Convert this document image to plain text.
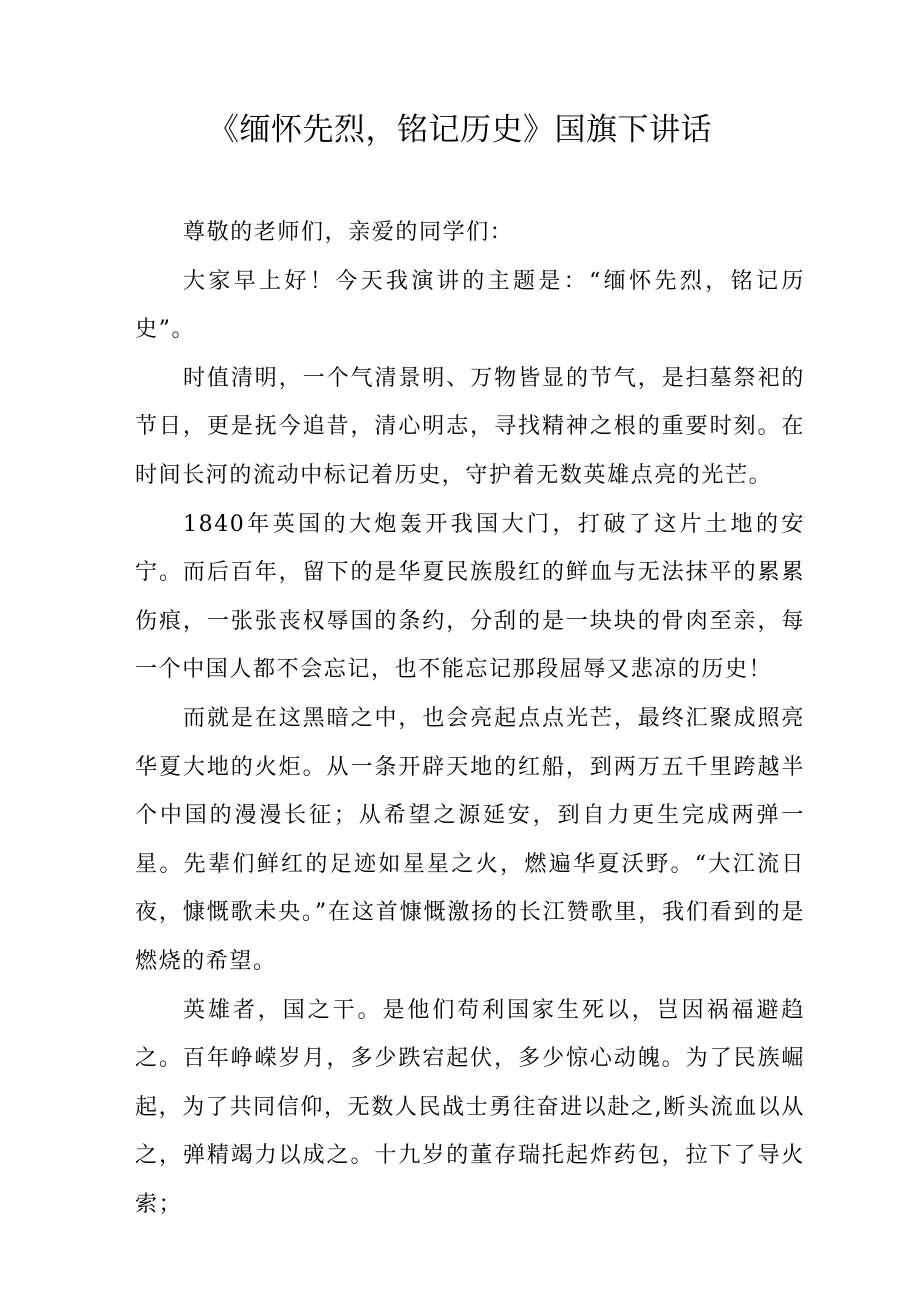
《缅怀先烈，铭记历史》国旗下讲话

尊敬的老师们，亲爱的同学们：

大家早上好！今天我演讲的主题是：“缅怀先烈，铭记历史”。

时值清明，一个气清景明、万物皆显的节气，是扫墓祭祀的节日，更是抚今追昔，清心明志，寻找精神之根的重要时刻。在时间长河的流动中标记着历史，守护着无数英雄点亮的光芒。

1840年英国的大炮轰开我国大门，打破了这片土地的安宁。而后百年，留下的是华夏民族殷红的鲜血与无法抹平的累累伤痕，一张张丧权辱国的条约，分刮的是一块块的骨肉至亲，每一个中国人都不会忘记，也不能忘记那段屈辱又悲凉的历史！

而就是在这黑暗之中，也会亮起点点光芒，最终汇聚成照亮华夏大地的火炬。从一条开辟天地的红船，到两万五千里跨越半个中国的漫漫长征；从希望之源延安，到自力更生完成两弹一星。先辈们鲜红的足迹如星星之火，燃遍华夏沃野。“大江流日夜，慷慨歌未央。”在这首慷慨激扬的长江赞歌里，我们看到的是燃烧的希望。

英雄者，国之干。是他们苟利国家生死以，岂因祸福避趋之。百年峥嵘岁月，多少跌宕起伏，多少惊心动魄。为了民族崛起，为了共同信仰，无数人民战士勇往奋进以赴之,断头流血以从之，弹精竭力以成之。十九岁的董存瑞托起炸药包，拉下了导火索；
